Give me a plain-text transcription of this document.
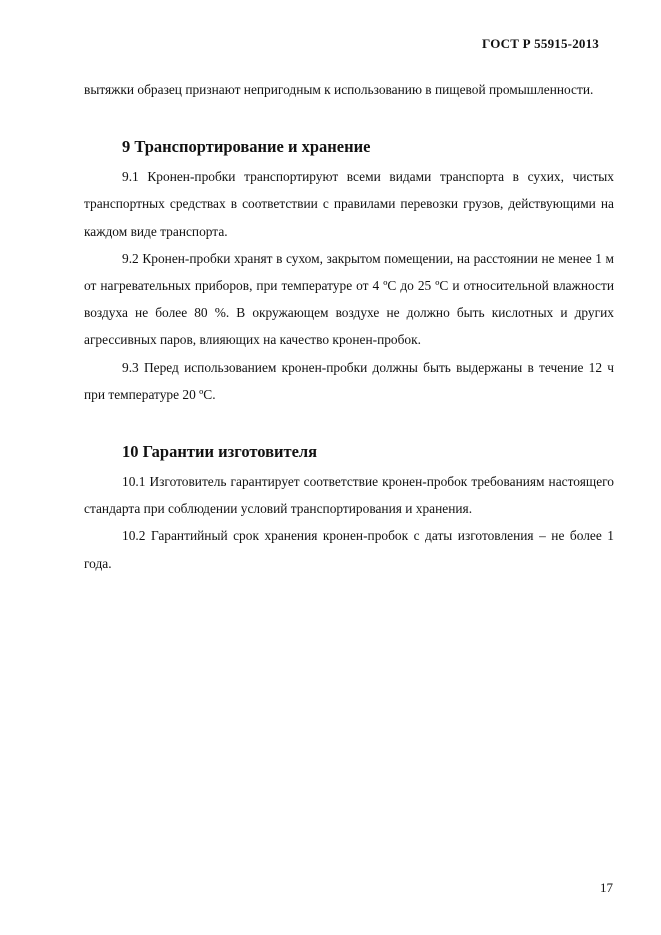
ГОСТ Р 55915-2013

вытяжки образец признают непригодным к использованию в пищевой промышленности.

9 Транспортирование и хранение

9.1 Кронен-пробки транспортируют всеми видами транспорта в сухих, чистых транспортных средствах в соответствии с правилами перевозки грузов, действующими на каждом виде транспорта.

9.2 Кронен-пробки хранят в сухом, закрытом помещении, на расстоянии не менее 1 м от нагревательных приборов, при температуре от 4 ºС до 25 ºС и относительной влажности воздуха не более 80 %. В окружающем воздухе не должно быть кислотных и других агрессивных паров, влияющих на качество кронен-пробок.

9.3 Перед использованием кронен-пробки должны быть выдержаны в течение 12 ч при температуре 20 ºС.

10 Гарантии изготовителя

10.1 Изготовитель гарантирует соответствие кронен-пробок требованиям настоящего стандарта при соблюдении условий транспортирования и хранения.

10.2 Гарантийный срок хранения кронен-пробок с даты изготовления – не более 1 года.

17
